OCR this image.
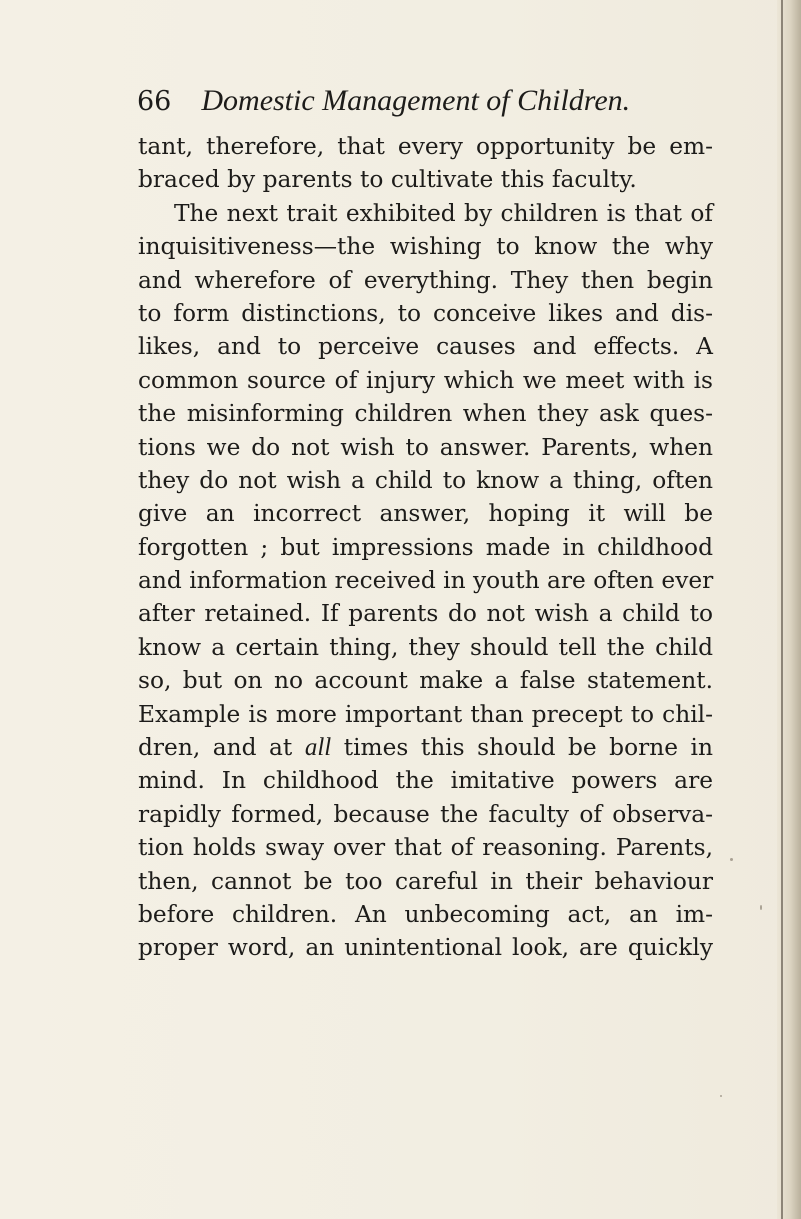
66 Domestic Management of Children.
tant, therefore, that every opportunity be em-
braced by parents to cultivate this faculty.
The next trait exhibited by children is that of
inquisitiveness—the wishing to know the why
and wherefore of everything. They then begin
to form distinctions, to conceive likes and dis-
likes, and to perceive causes and effects. A
common source of injury which we meet with is
the misinforming children when they ask ques-
tions we do not wish to answer. Parents, when
they do not wish a child to know a thing, often
give an incorrect answer, hoping it will be
forgotten ; but impressions made in childhood
and information received in youth are often ever
after retained. If parents do not wish a child to
know a certain thing, they should tell the child
so, but on no account make a false statement.
Example is more important than precept to chil-
dren, and at all times this should be borne in
mind. In childhood the imitative powers are
rapidly formed, because the faculty of observa-
tion holds sway over that of reasoning. Parents,
then, cannot be too careful in their behaviour
before children. An unbecoming act, an im-
proper word, an unintentional look, are quickly
